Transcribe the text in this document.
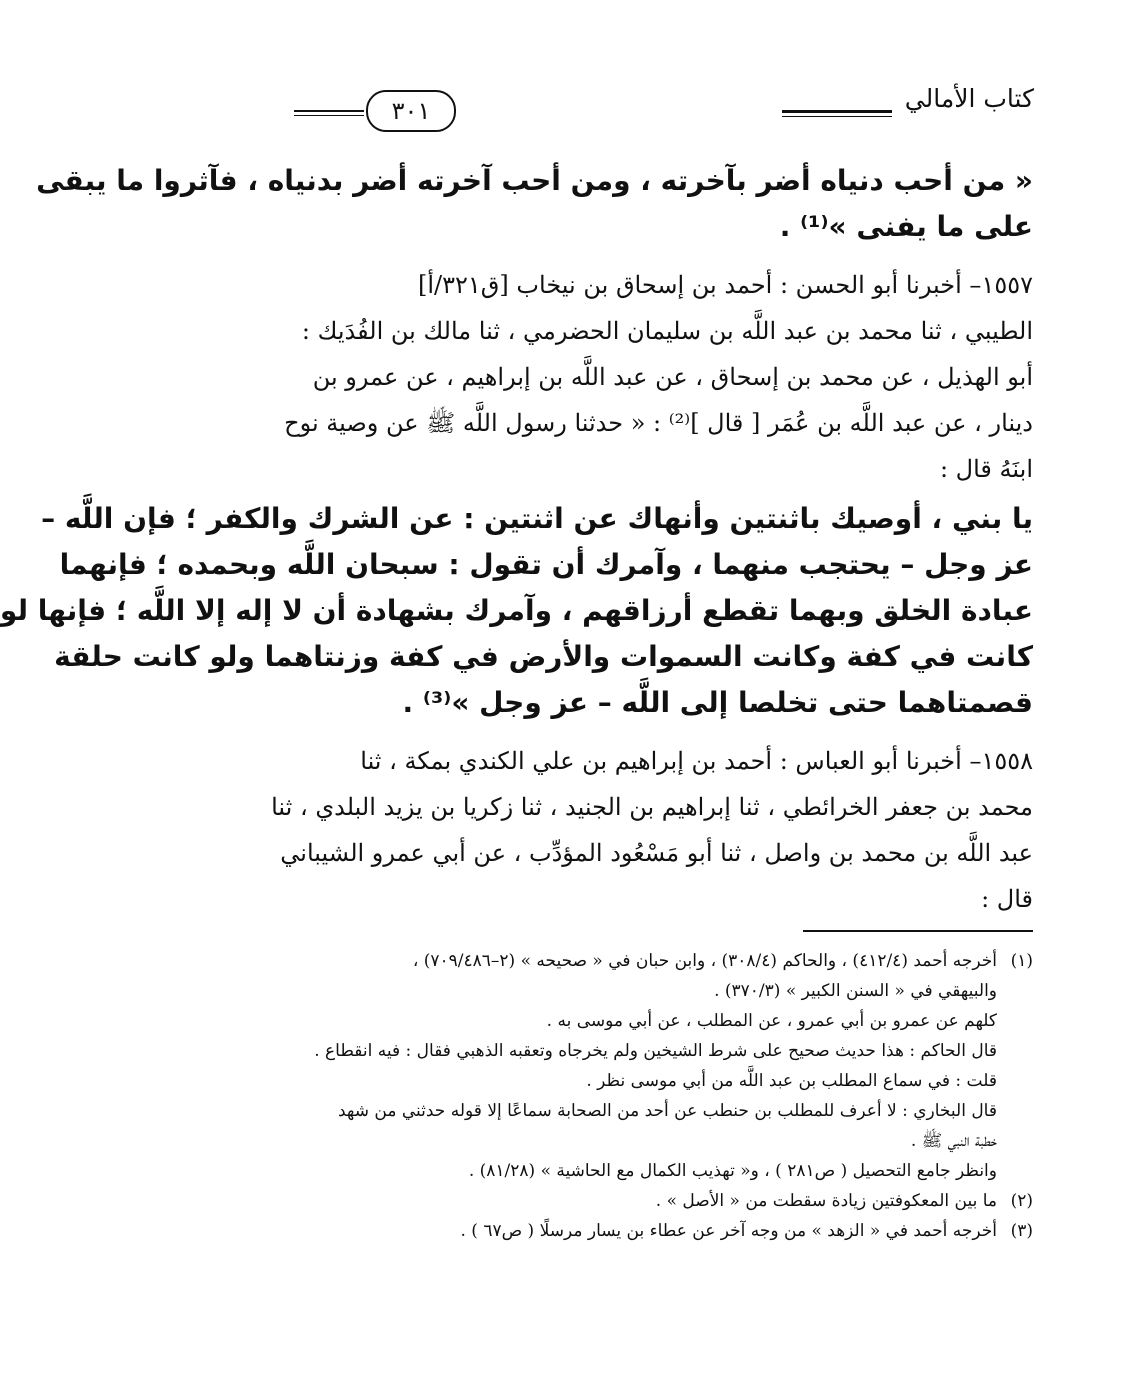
كتاب الأمالي
٣٠١
« من أحب دنياه أضر بآخرته ، ومن أحب آخرته أضر بدنياه ، فآثروا ما يبقى
على ما يفنى »⁽¹⁾ .
١٥٥٧– أخبرنا أبو الحسن : أحمد بن إسحاق بن نيخاب [ق٣٢١/أ]
الطيبي ، ثنا محمد بن عبد اللَّه بن سليمان الحضرمي ، ثنا مالك بن الفُدَيك :
أبو الهذيل ، عن محمد بن إسحاق ، عن عبد اللَّه بن إبراهيم ، عن عمرو بن
دينار ، عن عبد اللَّه بن عُمَر [ قال ]⁽²⁾ : « حدثنا رسول اللَّه ﷺ عن وصية نوح
ابنَهُ قال :
يا بني ، أوصيك باثنتين وأنهاك عن اثنتين : عن الشرك والكفر ؛ فإن اللَّه –
عز وجل – يحتجب منهما ، وآمرك أن تقول : سبحان اللَّه وبحمده ؛ فإنهما
عبادة الخلق وبهما تقطع أرزاقهم ، وآمرك بشهادة أن لا إله إلا اللَّه ؛ فإنها لو
كانت في كفة وكانت السموات والأرض في كفة وزنتاهما ولو كانت حلقة
قصمتاهما حتى تخلصا إلى اللَّه – عز وجل »⁽³⁾ .
١٥٥٨– أخبرنا أبو العباس : أحمد بن إبراهيم بن علي الكندي بمكة ، ثنا
محمد بن جعفر الخرائطي ، ثنا إبراهيم بن الجنيد ، ثنا زكريا بن يزيد البلدي ، ثنا
عبد اللَّه بن محمد بن واصل ، ثنا أبو مَسْعُود المؤدِّب ، عن أبي عمرو الشيباني
قال :
(١)أخرجه أحمد (٤١٢/٤) ، والحاكم (٣٠٨/٤) ، وابن حبان في « صحيحه » (٢–٧٠٩/٤٨٦) ،
والبيهقي في « السنن الكبير » (٣٧٠/٣) .
كلهم عن عمرو بن أبي عمرو ، عن المطلب ، عن أبي موسى به .
قال الحاكم : هذا حديث صحيح على شرط الشيخين ولم يخرجاه وتعقبه الذهبي فقال : فيه انقطاع .
قلت : في سماع المطلب بن عبد اللَّه من أبي موسى نظر .
قال البخاري : لا أعرف للمطلب بن حنطب عن أحد من الصحابة سماعًا إلا قوله حدثني من شهد
خطبة النبي ﷺ .
وانظر جامع التحصيل ( ص٢٨١ ) ، و« تهذيب الكمال مع الحاشية » (٨١/٢٨) .
(٢)ما بين المعكوفتين زيادة سقطت من « الأصل » .
(٣)أخرجه أحمد في « الزهد » من وجه آخر عن عطاء بن يسار مرسلًا ( ص٦٧ ) .
